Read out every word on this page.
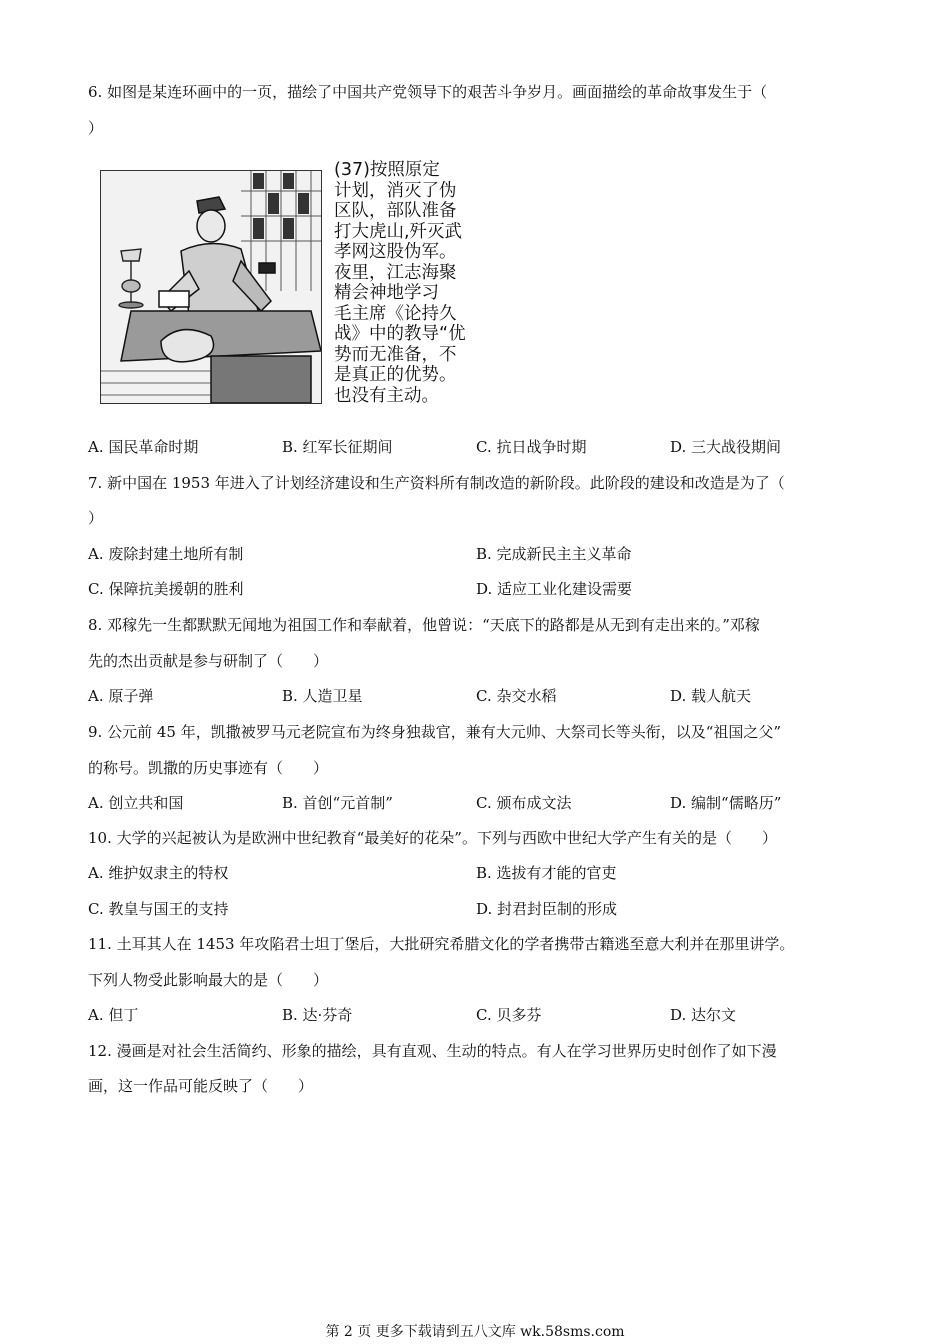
6. 如图是某连环画中的一页，描绘了中国共产党领导下的艰苦斗争岁月。画面描绘的革命故事发生于（
）
(37)按照原定
计划，消灭了伪
区队，部队准备
打大虎山,歼灭武
孝网这股伪军。
夜里，江志海聚
精会神地学习
毛主席《论持久
战》中的教导“优
势而无准备，不
是真正的优势。
也没有主动。
A. 国民革命时期	B. 红军长征期间	C. 抗日战争时期	D. 三大战役期间
7. 新中国在 1953 年进入了计划经济建设和生产资料所有制改造的新阶段。此阶段的建设和改造是为了（
）
A. 废除封建土地所有制	B. 完成新民主主义革命
C. 保障抗美援朝的胜利	D. 适应工业化建设需要
8. 邓稼先一生都默默无闻地为祖国工作和奉献着，他曾说：“天底下的路都是从无到有走出来的。”邓稼
先的杰出贡献是参与研制了（　　）
A. 原子弹	B. 人造卫星	C. 杂交水稻	D. 载人航天
9. 公元前 45 年，凯撒被罗马元老院宣布为终身独裁官，兼有大元帅、大祭司长等头衔，以及“祖国之父”
的称号。凯撒的历史事迹有（　　）
A. 创立共和国	B. 首创“元首制”	C. 颁布成文法	D. 编制“儒略历”
10. 大学的兴起被认为是欧洲中世纪教育“最美好的花朵”。下列与西欧中世纪大学产生有关的是（　　）
A. 维护奴隶主的特权	B. 选拔有才能的官吏
C. 教皇与国王的支持	D. 封君封臣制的形成
11. 土耳其人在 1453 年攻陷君士坦丁堡后，大批研究希腊文化的学者携带古籍逃至意大利并在那里讲学。
下列人物受此影响最大的是（　　）
A. 但丁	B. 达·芬奇	C. 贝多芬	D. 达尔文
12. 漫画是对社会生活简约、形象的描绘，具有直观、生动的特点。有人在学习世界历史时创作了如下漫
画，这一作品可能反映了（　　）
第 2 页 更多下载请到五八文库 wk.58sms.com
